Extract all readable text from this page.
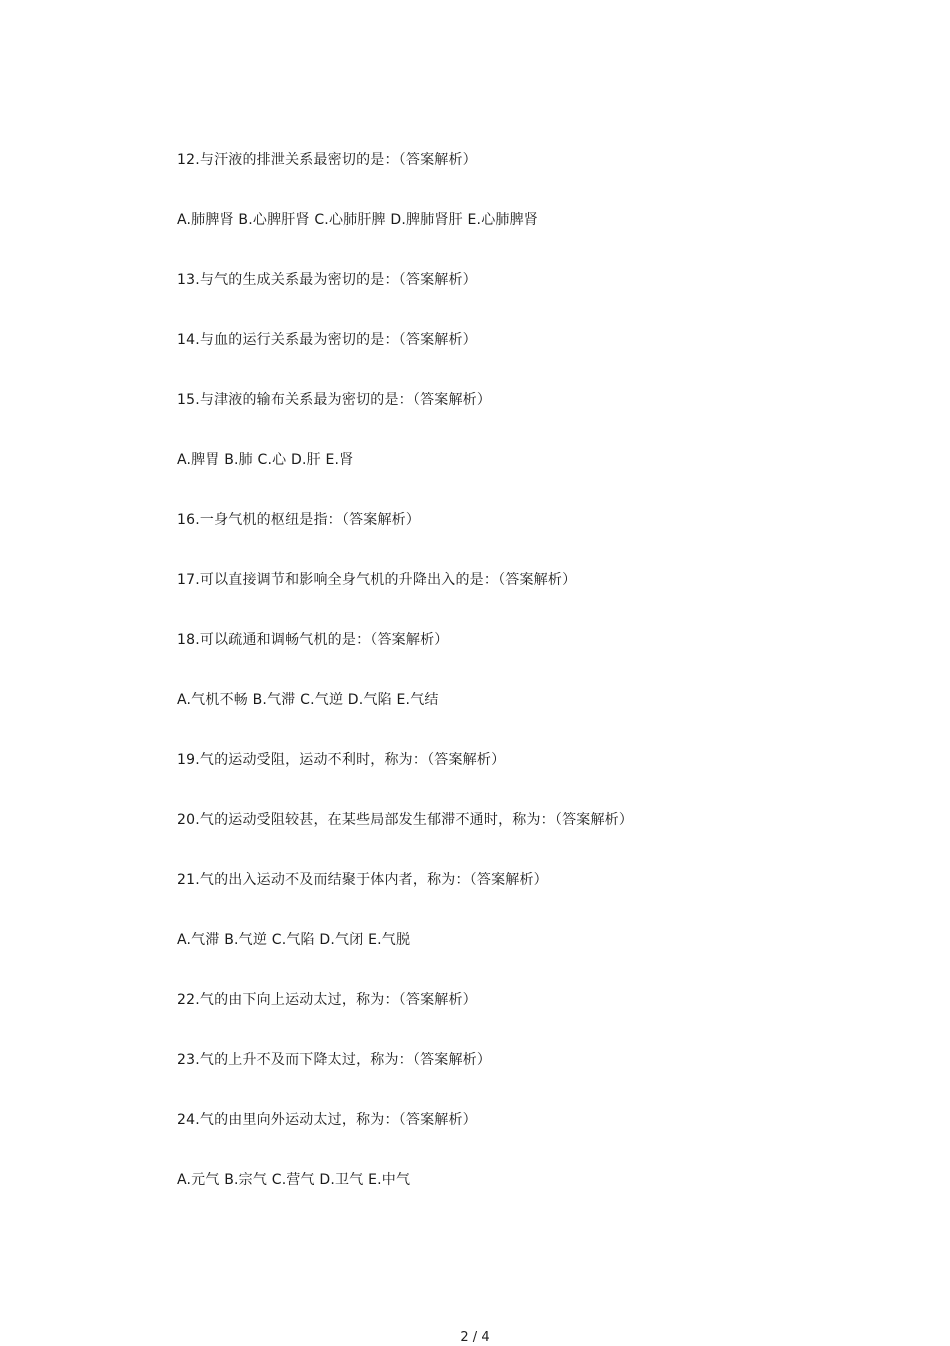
12.与汗液的排泄关系最密切的是：（答案解析）
A.肺脾肾 B.心脾肝肾 C.心肺肝脾 D.脾肺肾肝 E.心肺脾肾
13.与气的生成关系最为密切的是：（答案解析）
14.与血的运行关系最为密切的是：（答案解析）
15.与津液的输布关系最为密切的是：（答案解析）
A.脾胃 B.肺 C.心 D.肝 E.肾
16.一身气机的枢纽是指：（答案解析）
17.可以直接调节和影响全身气机的升降出入的是：（答案解析）
18.可以疏通和调畅气机的是：（答案解析）
A.气机不畅 B.气滞 C.气逆 D.气陷 E.气结
19.气的运动受阻，运动不利时，称为：（答案解析）
20.气的运动受阻较甚，在某些局部发生郁滞不通时，称为：（答案解析）
21.气的出入运动不及而结聚于体内者，称为：（答案解析）
A.气滞 B.气逆 C.气陷 D.气闭 E.气脱
22.气的由下向上运动太过，称为：（答案解析）
23.气的上升不及而下降太过，称为：（答案解析）
24.气的由里向外运动太过，称为：（答案解析）
A.元气 B.宗气 C.营气 D.卫气 E.中气
2 / 4
